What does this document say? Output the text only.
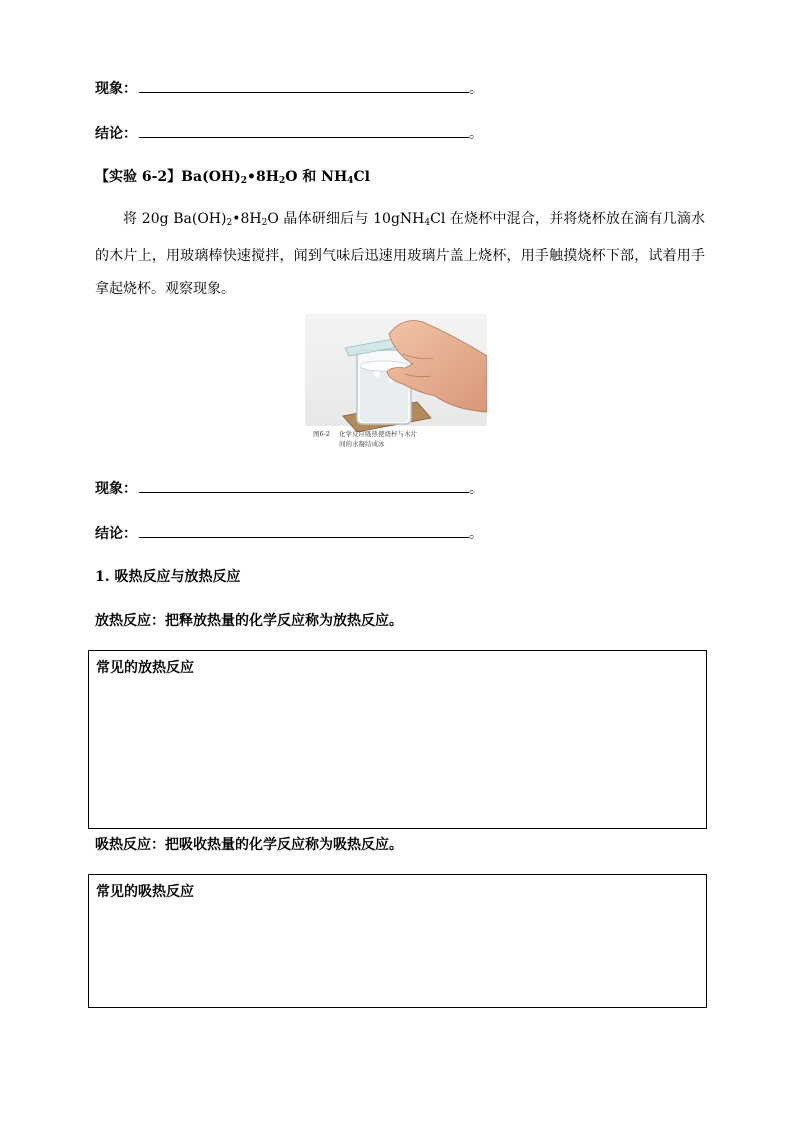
现象：	。
结论：	。
【实验 6-2】$Ba(OH)_2•8H_2O$ 和 $NH_4Cl$
将 20g $Ba(OH)_2•8H_2O$ 晶体研细后与 10gNH$_4$Cl 在烧杯中混合，并将烧杯放在滴有几滴水的木片上，用玻璃棒快速搅拌，闻到气味后迅速用玻璃片盖上烧杯，用手触摸烧杯下部，试着用手拿起烧杯。观察现象。
图6-2 化学反应吸热使烧杯与木片
间的水凝结成冰
现象：	。
结论：	。
1. 吸热反应与放热反应
放热反应：把释放热量的化学反应称为放热反应。
常见的放热反应
吸热反应：把吸收热量的化学反应称为吸热反应。
常见的吸热反应
